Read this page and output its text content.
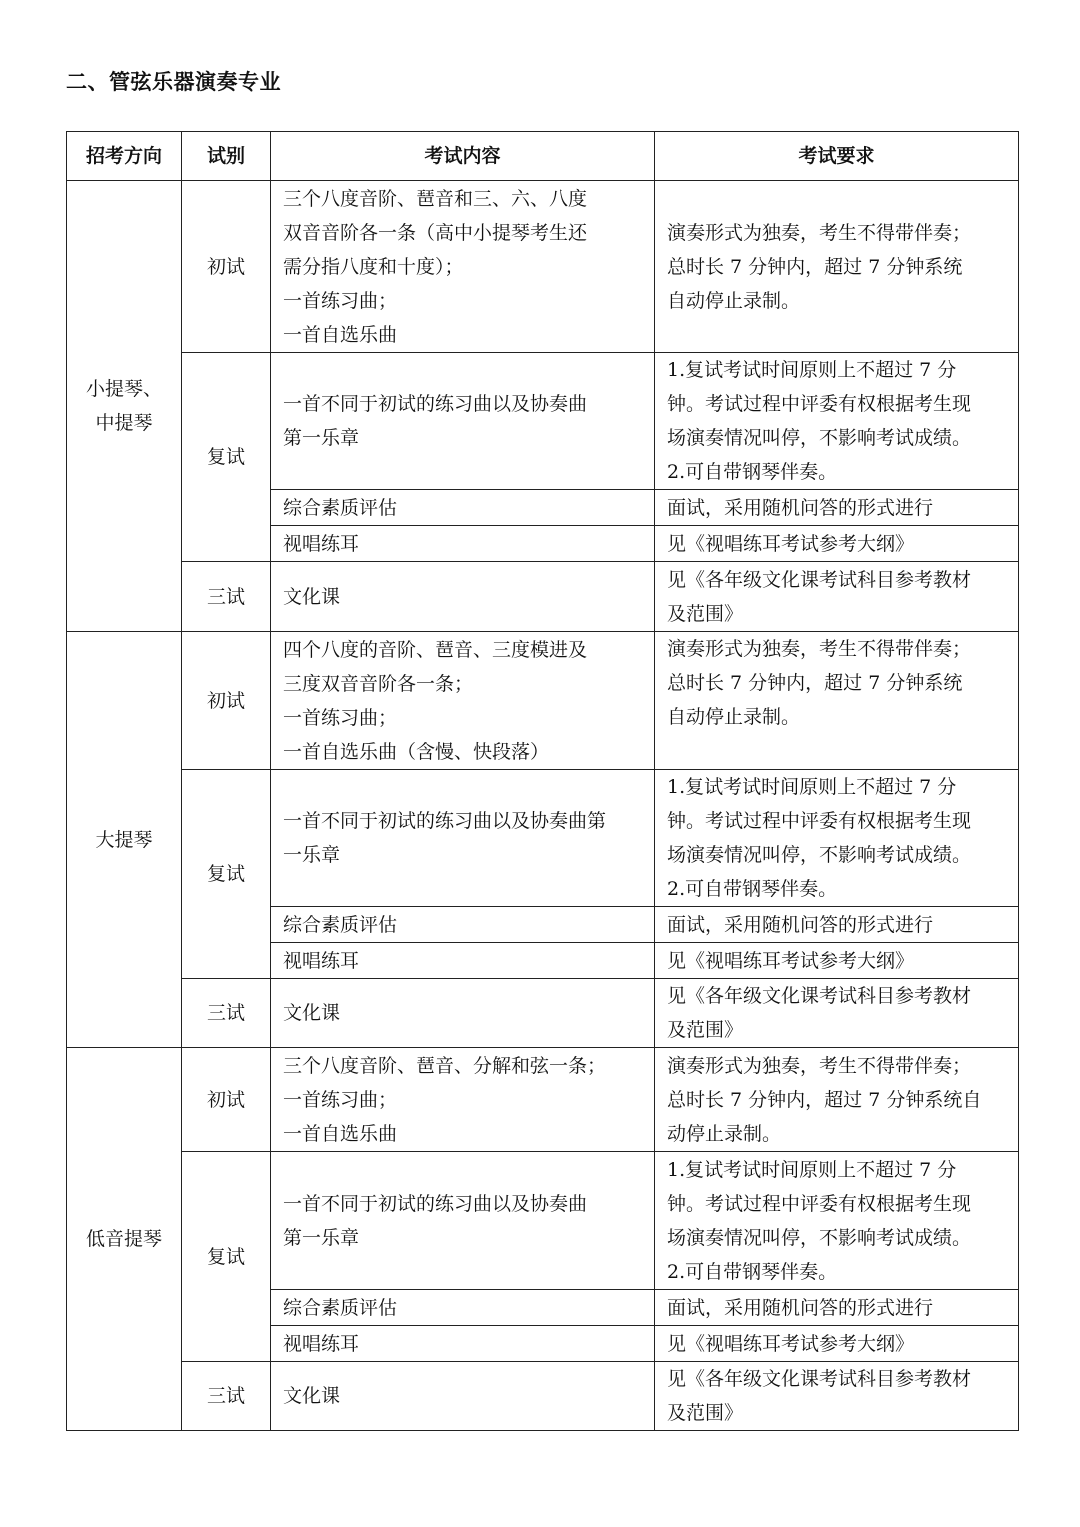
二、管弦乐器演奏专业
招考方向	试别	考试内容	考试要求

小提琴、
中提琴	初试	三个八度音阶、琶音和三、六、八度
双音音阶各一条（高中小提琴考生还
需分指八度和十度）；
一首练习曲；
一首自选乐曲	演奏形式为独奏，考生不得带伴奏；
总时长 7 分钟内，超过 7 分钟系统
自动停止录制。

	复试	一首不同于初试的练习曲以及协奏曲
第一乐章	1.复试考试时间原则上不超过 7 分
钟。考试过程中评委有权根据考生现
场演奏情况叫停，不影响考试成绩。
2.可自带钢琴伴奏。

		综合素质评估	面试，采用随机问答的形式进行
		视唱练耳	见《视唱练耳考试参考大纲》
	三试	文化课	见《各年级文化课考试科目参考教材
及范围》

大提琴	初试	四个八度的音阶、琶音、三度模进及
三度双音音阶各一条；
一首练习曲；
一首自选乐曲（含慢、快段落）	演奏形式为独奏，考生不得带伴奏；
总时长 7 分钟内，超过 7 分钟系统
自动停止录制。

	复试	一首不同于初试的练习曲以及协奏曲第
一乐章	1.复试考试时间原则上不超过 7 分
钟。考试过程中评委有权根据考生现
场演奏情况叫停，不影响考试成绩。
2.可自带钢琴伴奏。

		综合素质评估	面试，采用随机问答的形式进行
		视唱练耳	见《视唱练耳考试参考大纲》
	三试	文化课	见《各年级文化课考试科目参考教材
及范围》

低音提琴	初试	三个八度音阶、琶音、分解和弦一条；
一首练习曲；
一首自选乐曲	演奏形式为独奏，考生不得带伴奏；
总时长 7 分钟内，超过 7 分钟系统自
动停止录制。

	复试	一首不同于初试的练习曲以及协奏曲
第一乐章	1.复试考试时间原则上不超过 7 分
钟。考试过程中评委有权根据考生现
场演奏情况叫停，不影响考试成绩。
2.可自带钢琴伴奏。

		综合素质评估	面试，采用随机问答的形式进行
		视唱练耳	见《视唱练耳考试参考大纲》
	三试	文化课	见《各年级文化课考试科目参考教材
及范围》
